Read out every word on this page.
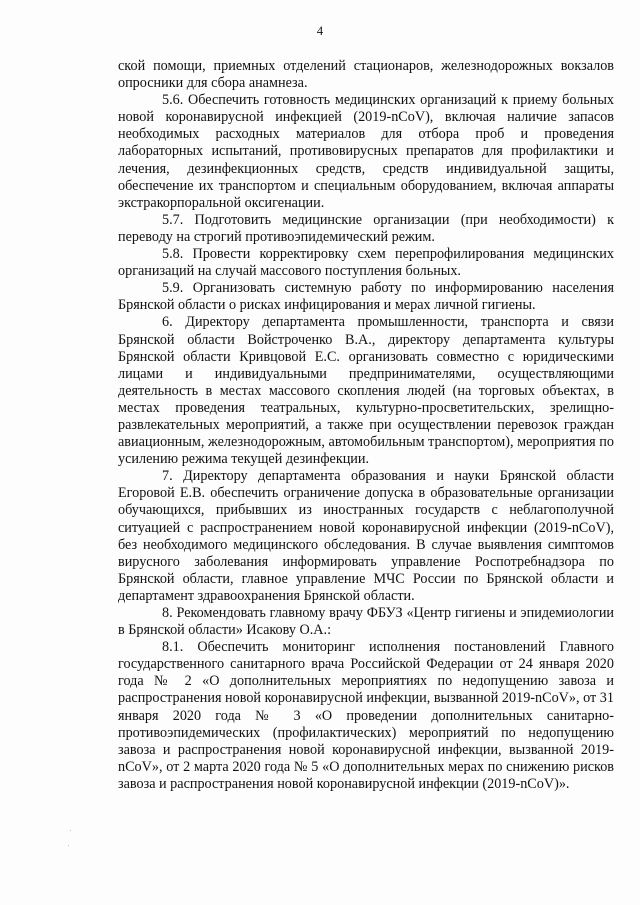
4

ской помощи, приемных отделений стационаров, железнодорожных вокзалов опросники для сбора анамнеза.

5.6. Обеспечить готовность медицинских организаций к приему больных новой коронавирусной инфекцией (2019-nCoV), включая наличие запасов необходимых расходных материалов для отбора проб и проведения лабораторных испытаний, противовирусных препаратов для профилактики и лечения, дезинфекционных средств, средств индивидуальной защиты, обеспечение их транспортом и специальным оборудованием, включая аппараты экстракорпоральной оксигенации.

5.7. Подготовить медицинские организации (при необходимости) к переводу на строгий противоэпидемический режим.

5.8. Провести корректировку схем перепрофилирования медицинских организаций на случай массового поступления больных.

5.9. Организовать системную работу по информированию населения Брянской области о рисках инфицирования и мерах личной гигиены.

6. Директору департамента промышленности, транспорта и связи Брянской области Войстроченко В.А., директору департамента культуры Брянской области Кривцовой Е.С. организовать совместно с юридическими лицами и индивидуальными предпринимателями, осуществляющими деятельность в местах массового скопления людей (на торговых объектах, в местах проведения театральных, культурно-просветительских, зрелищно-развлекательных мероприятий, а также при осуществлении перевозок граждан авиационным, железнодорожным, автомобильным транспортом), мероприятия по усилению режима текущей дезинфекции.

7. Директору департамента образования и науки Брянской области Егоровой Е.В. обеспечить ограничение допуска в образовательные организации обучающихся, прибывших из иностранных государств с неблагополучной ситуацией с распространением новой коронавирусной инфекции (2019-nCoV), без необходимого медицинского обследования. В случае выявления симптомов вирусного заболевания информировать управление Роспотребнадзора по Брянской области, главное управление МЧС России по Брянской области и департамент здравоохранения Брянской области.

8. Рекомендовать главному врачу ФБУЗ «Центр гигиены и эпидемиологии в Брянской области» Исакову О.А.:

8.1. Обеспечить мониторинг исполнения постановлений Главного государственного санитарного врача Российской Федерации от 24 января 2020 года № 2 «О дополнительных мероприятиях по недопущению завоза и распространения новой коронавирусной инфекции, вызванной 2019-nCoV», от 31 января 2020 года № 3 «О проведении дополнительных санитарно-противоэпидемических (профилактических) мероприятий по недопущению завоза и распространения новой коронавирусной инфекции, вызванной 2019-nCoV», от 2 марта 2020 года № 5 «О дополнительных мерах по снижению рисков завоза и распространения новой коронавирусной инфекции (2019-nCoV)».
